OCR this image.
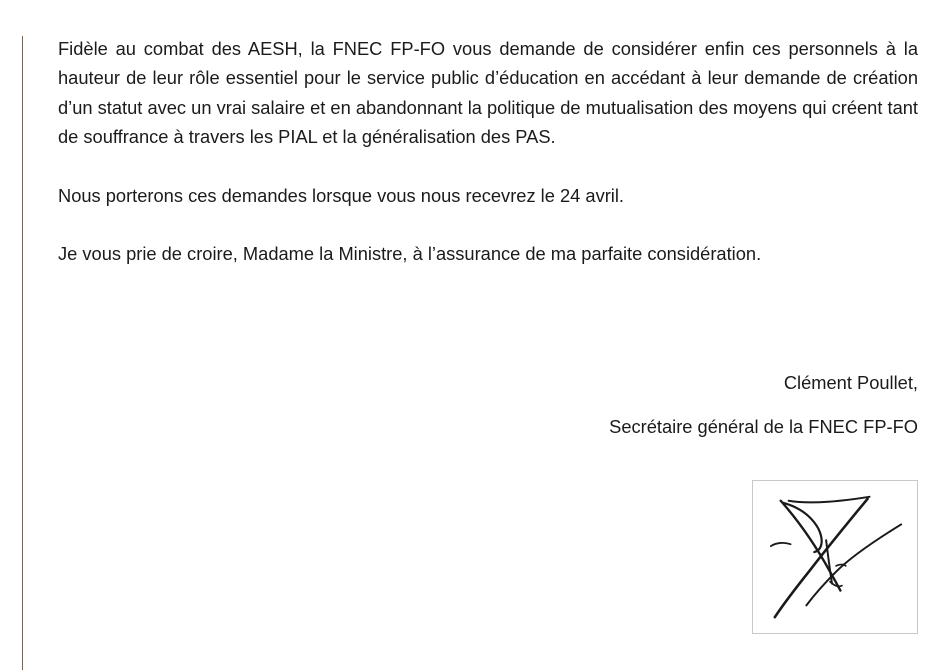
Fidèle au combat des AESH, la FNEC FP-FO vous demande de considérer enfin ces personnels à la hauteur de leur rôle essentiel pour le service public d’éducation en accédant à leur demande de création d’un statut avec un vrai salaire et en abandonnant la politique de mutualisation des moyens qui créent tant de souffrance à travers les PIAL et la généralisation des PAS.

Nous porterons ces demandes lorsque vous nous recevrez le 24 avril.

Je vous prie de croire, Madame la Ministre, à l’assurance de ma parfaite considération.

Clément Poullet,
Secrétaire général de la FNEC FP-FO
